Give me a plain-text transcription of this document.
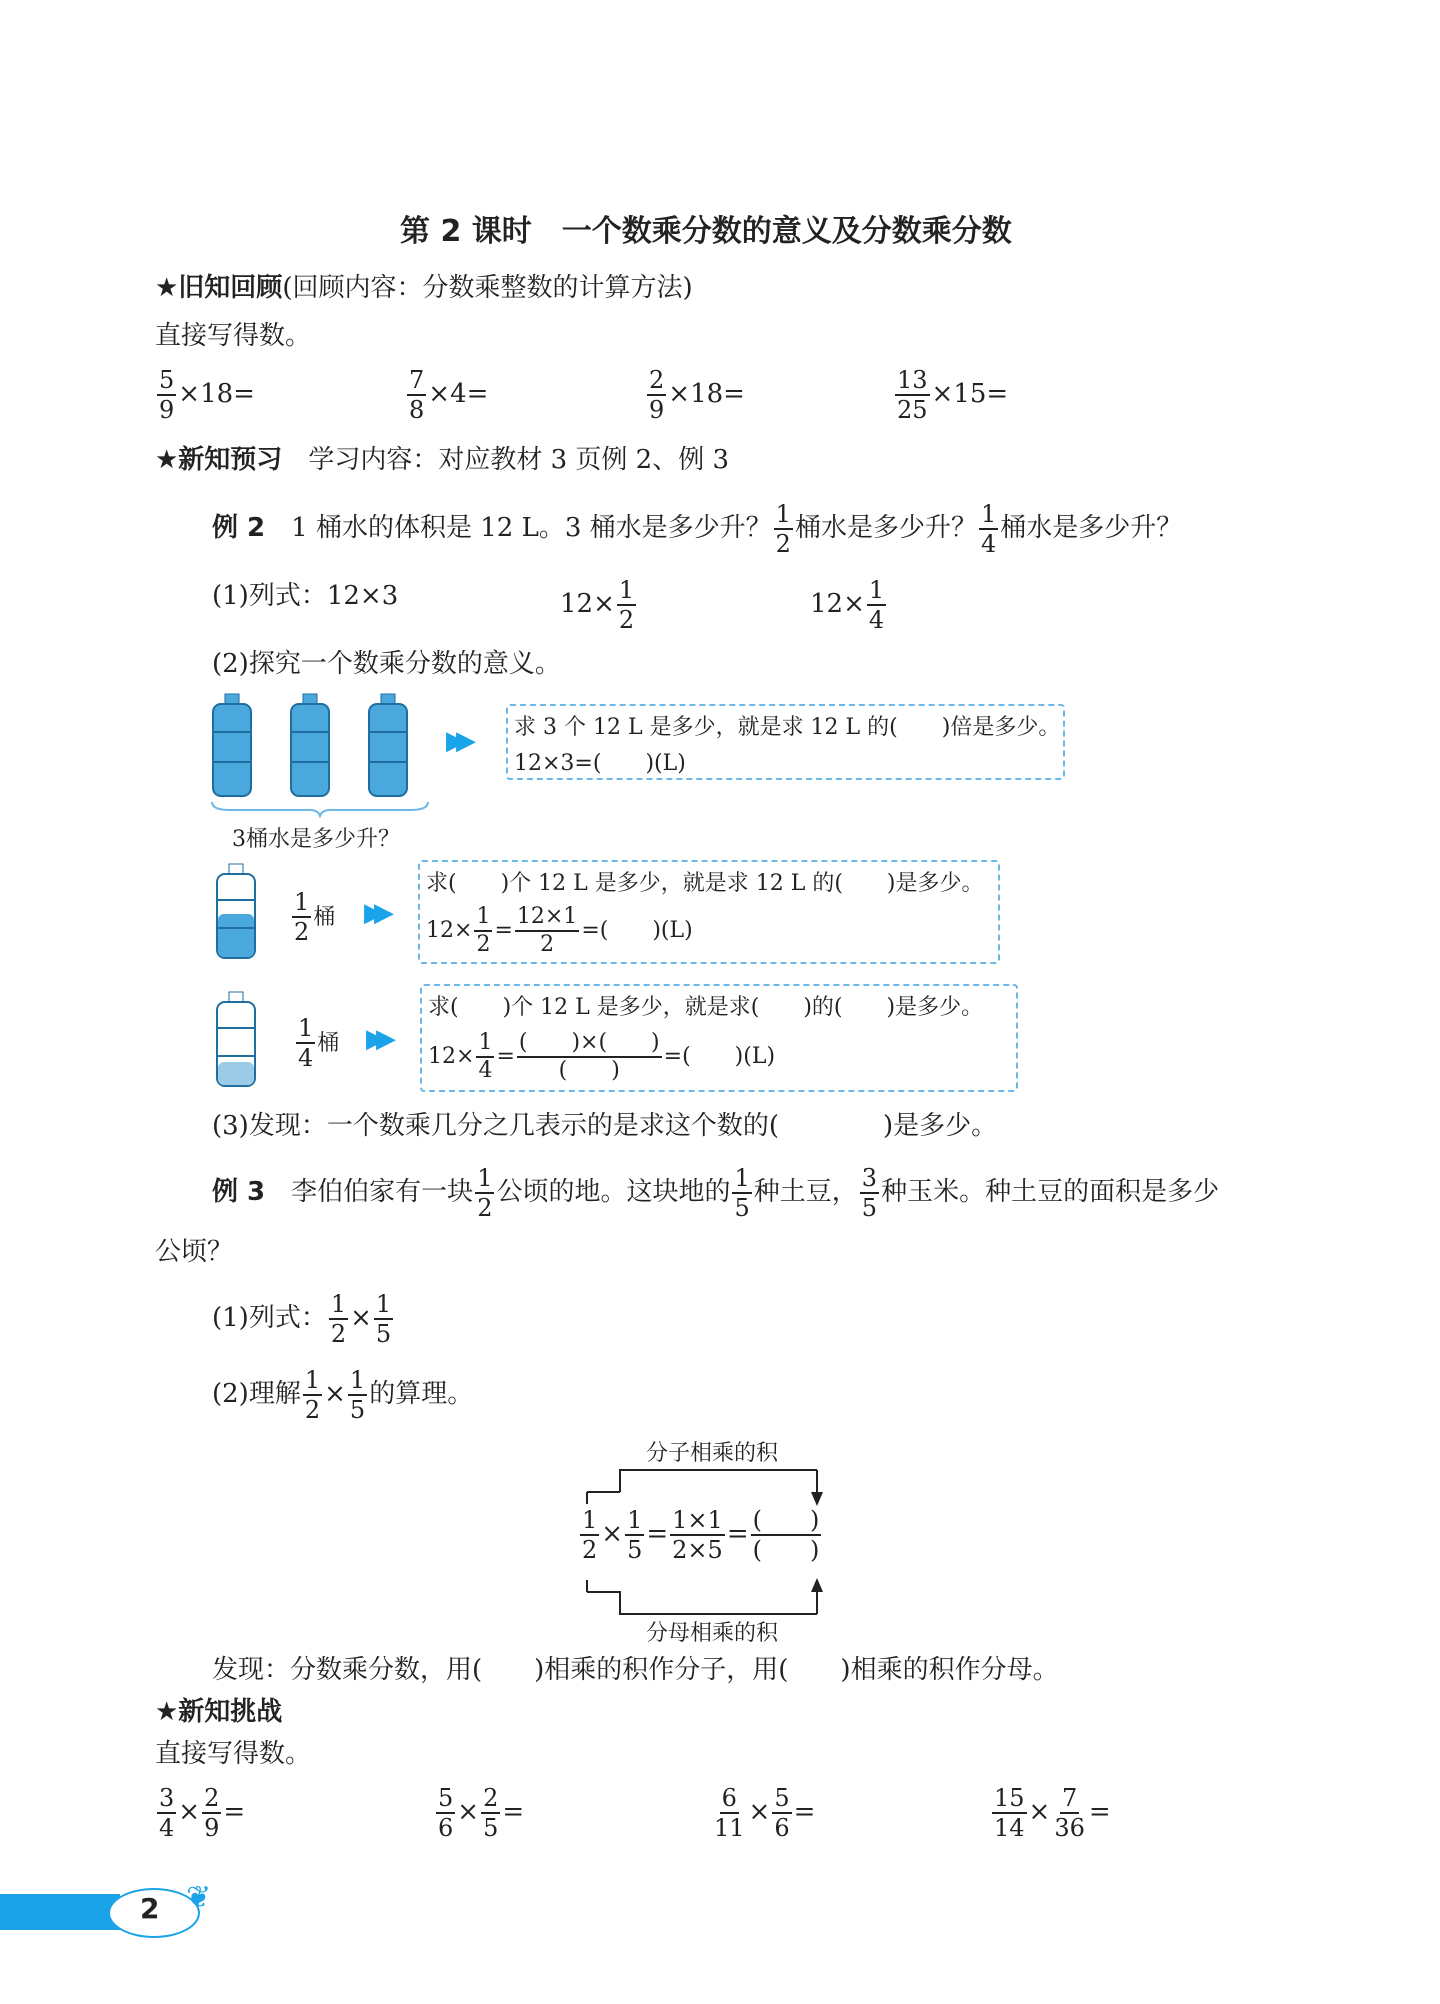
第 2 课时　一个数乘分数的意义及分数乘分数
★旧知回顾(回顾内容：分数乘整数的计算方法)
直接写得数。
$\frac{5}{9} \times 18=$	$\frac{7}{8} \times 4=$	$\frac{2}{9} \times 18=$	$\frac{13}{25} \times 15=$
★新知预习　 学习内容：对应教材 3 页例 2、例 3
例 2　 1 桶水的体积是 12 L。3 桶水是多少升？ $\frac{1}{2}$ 桶水是多少升？ $\frac{1}{4}$ 桶水是多少升？
(1)列式：12×3	$12\times \frac{1}{2}$	$12\times \frac{1}{4}$
(2)探究一个数乘分数的意义。
3桶水是多少升？
▶▶ 求 3 个 12 L 是多少，就是求 12 L 的(　　)倍是多少。
12×3=(　　)(L)
$\frac{1}{2}$ 桶 ▶▶
求(　　)个 12 L 是多少，就是求 12 L 的(　　)是多少。
$12\times \frac{1}{2} = \frac{12\times 1}{2}$ =(　　)(L)
$\frac{1}{4}$ 桶 ▶▶
求(　　)个 12 L 是多少，就是求(　　)的(　　)是多少。
$12\times \frac{1}{4} = \frac{( )\times( )}{( )}$ =(　　)(L)
(3)发现：一个数乘几分之几表示的是求这个数的(　　　　)是多少。
例 3　 李伯伯家有一块 $\frac{1}{2}$ 公顷的地。这块地的 $\frac{1}{5}$ 种土豆， $\frac{3}{5}$ 种玉米。种土豆的面积是多少
公顷？
(1)列式： $\frac{1}{2} \times \frac{1}{5}$
(2)理解 $\frac{1}{2} \times \frac{1}{5}$ 的算理。
分子相乘的积
$\frac{1}{2} \times \frac{1}{5} = \frac{1\times 1}{2\times 5} = \frac{( )}{( )}$
分母相乘的积
发现：分数乘分数，用(　　)相乘的积作分子，用(　　)相乘的积作分母。
★新知挑战
直接写得数。
$\frac{3}{4} \times \frac{2}{9}$ =	$\frac{5}{6} \times \frac{2}{5}$ =	$\frac{6}{11} \times \frac{5}{6}$ =	$\frac{15}{14} \times \frac{7}{36}$ =
2 ❦
